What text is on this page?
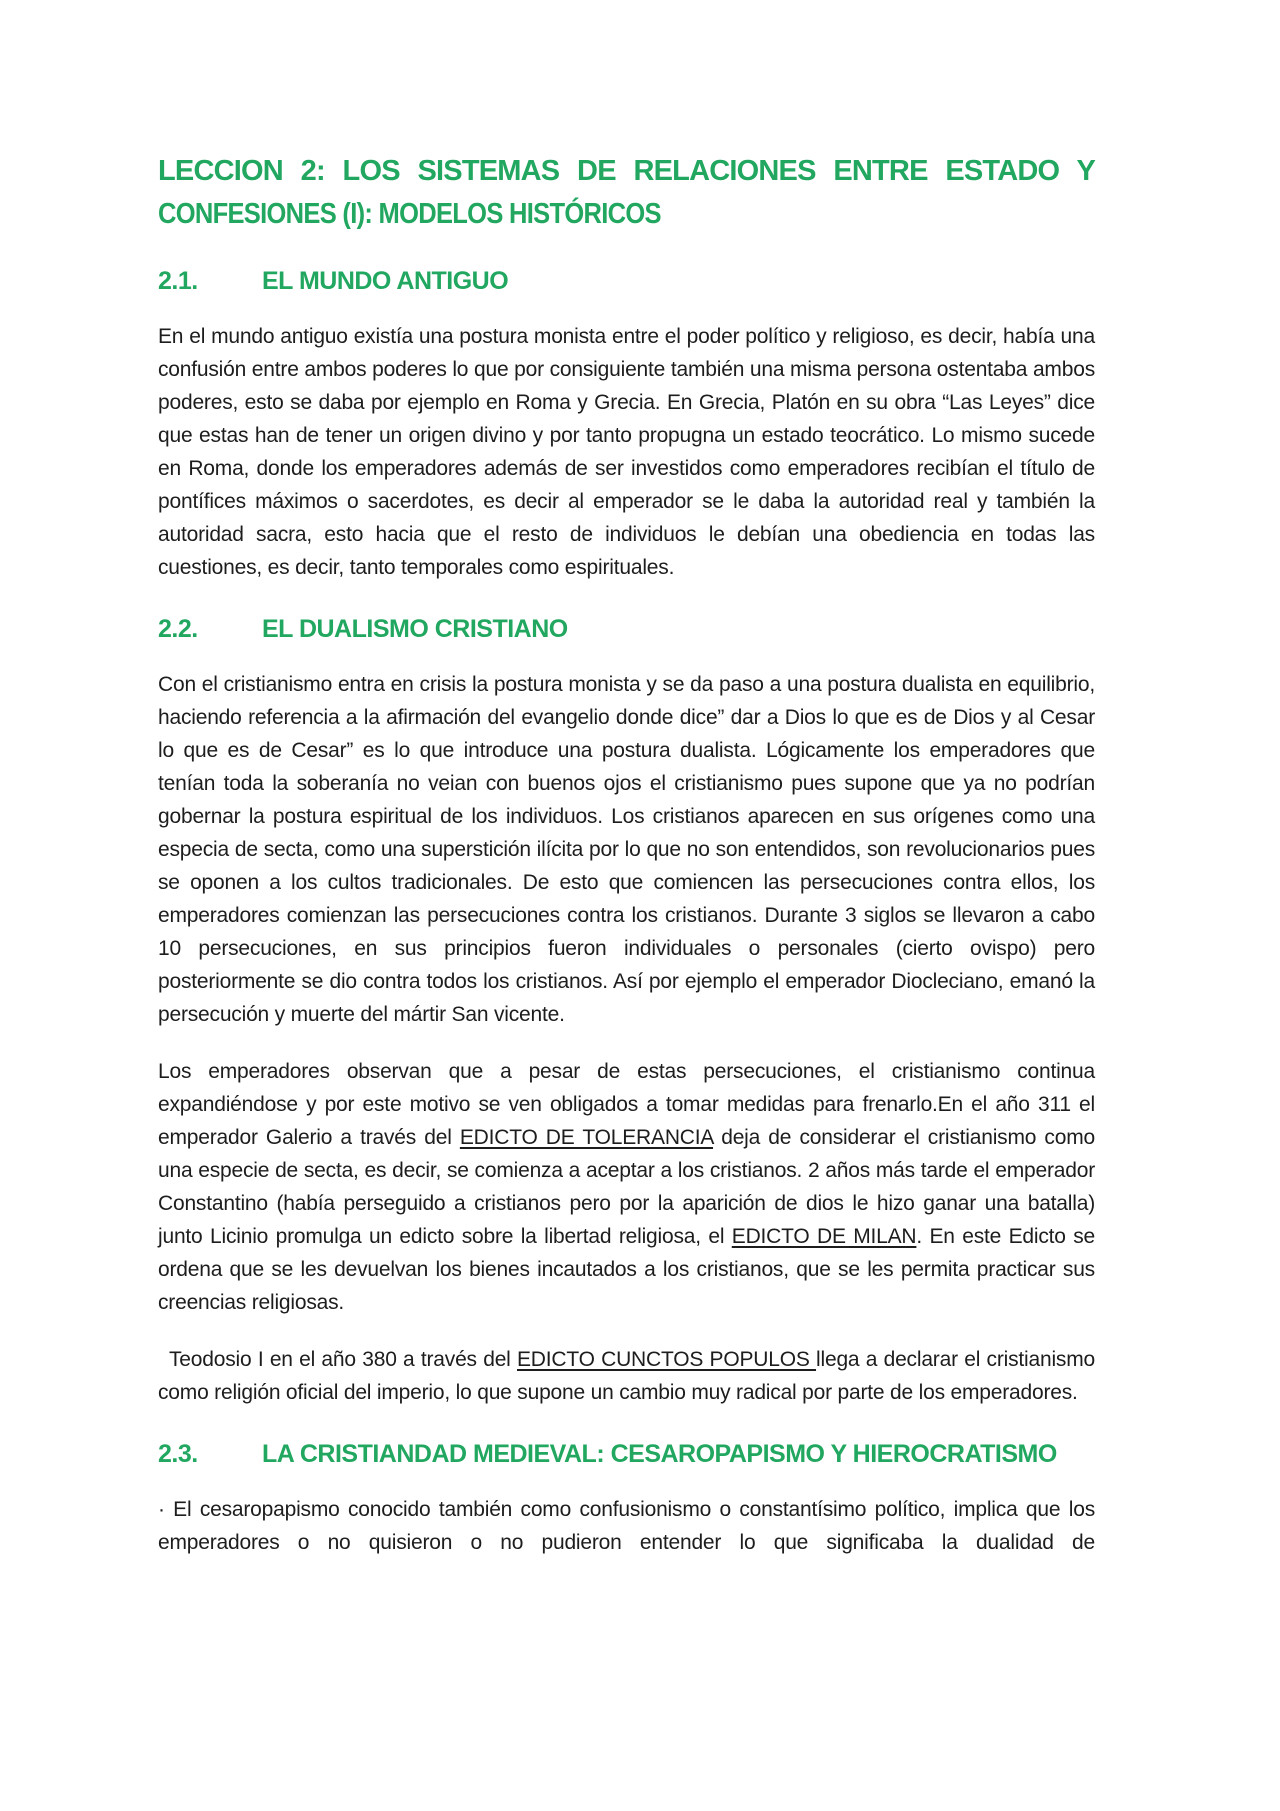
LECCION 2: LOS SISTEMAS DE RELACIONES ENTRE ESTADO Y
CONFESIONES (I): MODELOS HISTÓRICOS
2.1.	EL MUNDO ANTIGUO

En el mundo antiguo existía una postura monista entre el poder político y religioso, es decir, había una confusión entre ambos poderes lo que por consiguiente también una misma persona ostentaba ambos poderes, esto se daba por ejemplo en Roma y Grecia. En Grecia, Platón en su obra “Las Leyes” dice que estas han de tener un origen divino y por tanto propugna un estado teocrático. Lo mismo sucede en Roma, donde los emperadores además de ser investidos como emperadores recibían el título de pontífices máximos o sacerdotes, es decir al emperador se le daba la autoridad real y también la autoridad sacra, esto hacia que el resto de individuos le debían una obediencia en todas las cuestiones, es decir, tanto temporales como espirituales.

2.2.	EL DUALISMO CRISTIANO

Con el cristianismo entra en crisis la postura monista y se da paso a una postura dualista en equilibrio, haciendo referencia a la afirmación del evangelio donde dice” dar a Dios lo que es de Dios y al Cesar lo que es de Cesar” es lo que introduce una postura dualista. Lógicamente los emperadores que tenían toda la soberanía no veian con buenos ojos el cristianismo pues supone que ya no podrían gobernar la postura espiritual de los individuos. Los cristianos aparecen en sus orígenes como una especia de secta, como una superstición ilícita por lo que no son entendidos, son revolucionarios pues se oponen a los cultos tradicionales. De esto que comiencen las persecuciones contra ellos, los emperadores comienzan las persecuciones contra los cristianos. Durante 3 siglos se llevaron a cabo 10 persecuciones, en sus principios fueron individuales o personales (cierto ovispo) pero posteriormente se dio contra todos los cristianos. Así por ejemplo el emperador Diocleciano, emanó la persecución y muerte del mártir San vicente.

Los emperadores observan que a pesar de estas persecuciones, el cristianismo continua expandiéndose y por este motivo se ven obligados a tomar medidas para frenarlo.En el año 311 el emperador Galerio a través del EDICTO DE TOLERANCIA deja de considerar el cristianismo como una especie de secta, es decir, se comienza a aceptar a los cristianos. 2 años más tarde el emperador Constantino (había perseguido a cristianos pero por la aparición de dios le hizo ganar una batalla) junto Licinio promulga un edicto sobre la libertad religiosa, el EDICTO DE MILAN. En este Edicto se ordena que se les devuelvan los bienes incautados a los cristianos, que se les permita practicar sus creencias religiosas.

Teodosio I en el año 380 a través del EDICTO CUNCTOS POPULOS llega a declarar el cristianismo como religión oficial del imperio, lo que supone un cambio muy radical por parte de los emperadores.

2.3.	LA CRISTIANDAD MEDIEVAL: CESAROPAPISMO Y HIEROCRATISMO

· El cesaropapismo conocido también como confusionismo o constantísimo político, implica que los emperadores o no quisieron o no pudieron entender lo que significaba la dualidad de
